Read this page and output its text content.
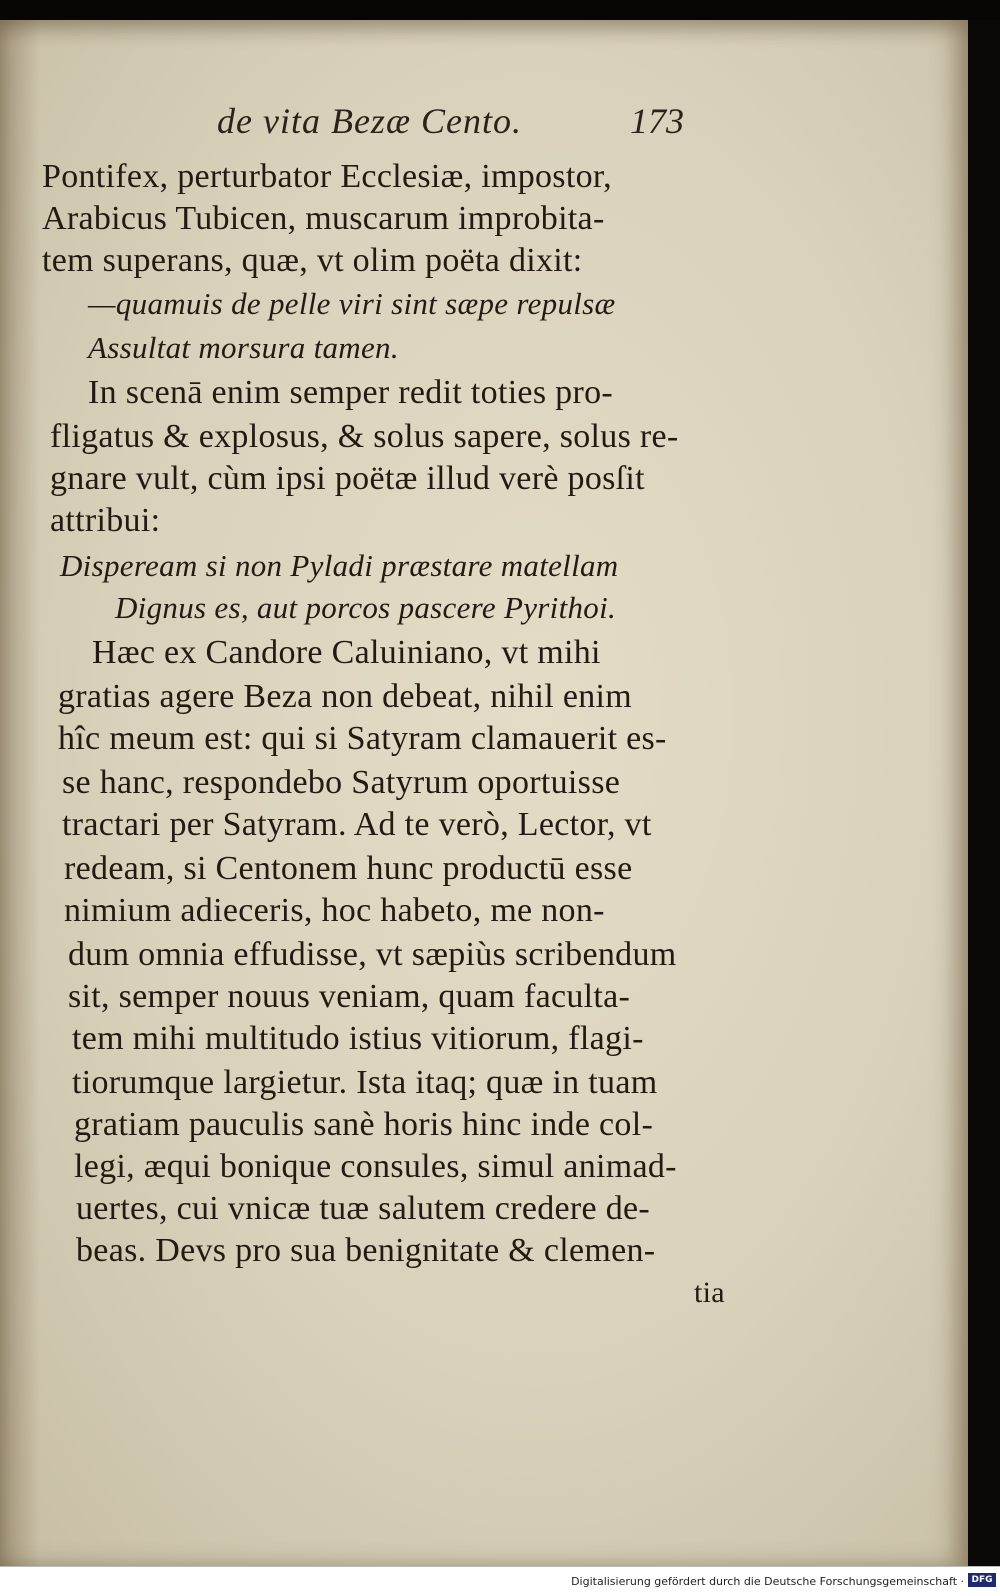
de vita Bezæ Cento.	173
Pontifex, perturbator Ecclesiæ, impostor,
Arabicus Tubicen, muscarum improbita-
tem superans, quæ, vt olim poëta dixit:
—quamuis de pelle viri sint sæpe repulsæ
Assultat morsura tamen.
In scenā enim semper redit toties pro-
fligatus & explosus, & solus sapere, solus re-
gnare vult, cùm ipsi poëtæ illud verè posſit
attribui:
Dispeream si non Pyladi præstare matellam
Dignus es, aut porcos pascere Pyrithoi.
Hæc ex Candore Caluiniano, vt mihi
gratias agere Beza non debeat, nihil enim
hîc meum est: qui si Satyram clamauerit es-
se hanc, respondebo Satyrum oportuisse
tractari per Satyram. Ad te verò, Lector, vt
redeam, si Centonem hunc productū esse
nimium adieceris, hoc habeto, me non-
dum omnia effudisse, vt sæpiùs scribendum
sit, semper nouus veniam, quam faculta-
tem mihi multitudo istius vitiorum, flagi-
tiorumque largietur. Ista itaq; quæ in tuam
gratiam pauculis sanè horis hinc inde col-
legi, æqui bonique consules, simul animad-
uertes, cui vnicæ tuæ salutem credere de-
beas. Devs pro sua benignitate & clemen-
tia
Digitalisierung gefördert durch die Deutsche Forschungsgemeinschaft · DFG
